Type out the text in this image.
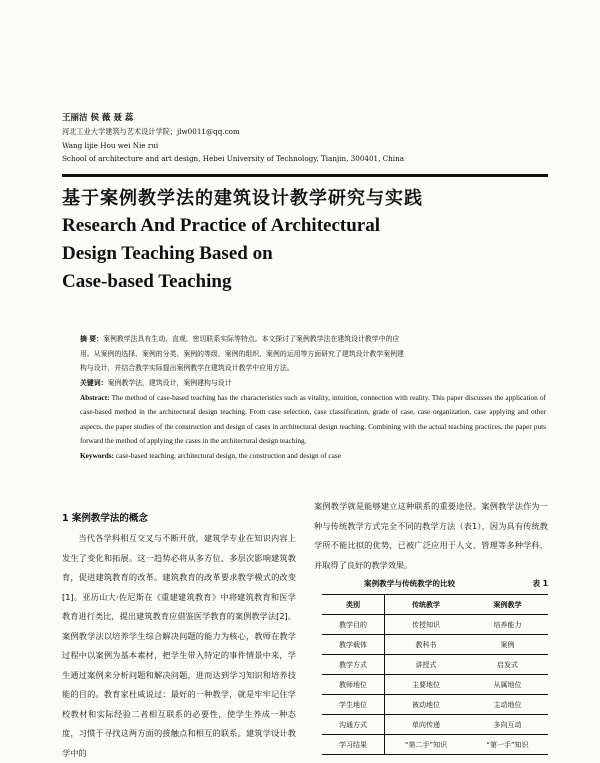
王丽洁 侯 薇 聂 蕊
河北工业大学建筑与艺术设计学院；jlw0011@qq.com
Wang lijie Hou wei Nie rui
School of architecture and art design, Hebei University of Technology, Tianjin, 300401, China
基于案例教学法的建筑设计教学研究与实践
Research And Practice of Architectural
Design Teaching Based on
Case-based Teaching
摘 要：案例教学法具有生动、直观、密切联系实际等特点。本文探讨了案例教学法在建筑设计教学中的应
用。从案例的选择、案例的分类、案例的等级、案例的组织、案例的运用等方面研究了建筑设计教学案例建
构与设计，并结合教学实际提出案例教学在建筑设计教学中应用方法。
关键词：案例教学法，建筑设计，案例建构与设计
Abstract: The method of case-based teaching has the characteristics such as vitality, intuition, connection with reality. This paper discusses the application of case-based method in the architectural design teaching. From case selection, case classification, grade of case, case organization, case applying and other aspects, the paper studies of the construction and design of cases in architectural design teaching. Combining with the actual teaching practices, the paper puts forward the method of applying the cases in the architectural design teaching.
Keywords: case-based teaching, architectural design, the construction and design of case
1 案例教学法的概念

当代各学科相互交叉与不断开放，建筑学专业在知识内容上发生了变化和拓展。这一趋势必将从多方位、多层次影响建筑教育，促进建筑教育的改革。建筑教育的改革要求教学模式的改变[1]。亚历山大·佐尼斯在《重建建筑教育》中将建筑教育和医学教育进行类比，提出建筑教育应借鉴医学教育的案例教学法[2]。案例教学法以培养学生综合解决问题的能力为核心，教师在教学过程中以案例为基本素材，把学生带入特定的事件情景中来，学生通过案例来分析问题和解决问题，进而达到学习知识和培养技能的目的。教育家杜威说过：最好的一种教学，就是牢牢记住学校教材和实际经验二者相互联系的必要性，使学生养成一种态度，习惯于寻找这两方面的接触点和相互的联系。建筑学设计教学中的

案例教学就是能够建立这种联系的重要途径。案例教学法作为一种与传统教学方式完全不同的教学方法（表1），因为具有传统教学所不能比拟的优势，已被广泛应用于人文、管理等多种学科，并取得了良好的教学效果。

案例教学与传统教学的比较	表 1
类别	传统教学	案例教学
教学目的	传授知识	培养能力
教学载体	教科书	案例
教学方式	讲授式	启发式
教师地位	主要地位	从属地位
学生地位	被动地位	主动地位
沟通方式	单向传递	多向互动
学习结果	“第二手”知识	“第一手”知识
